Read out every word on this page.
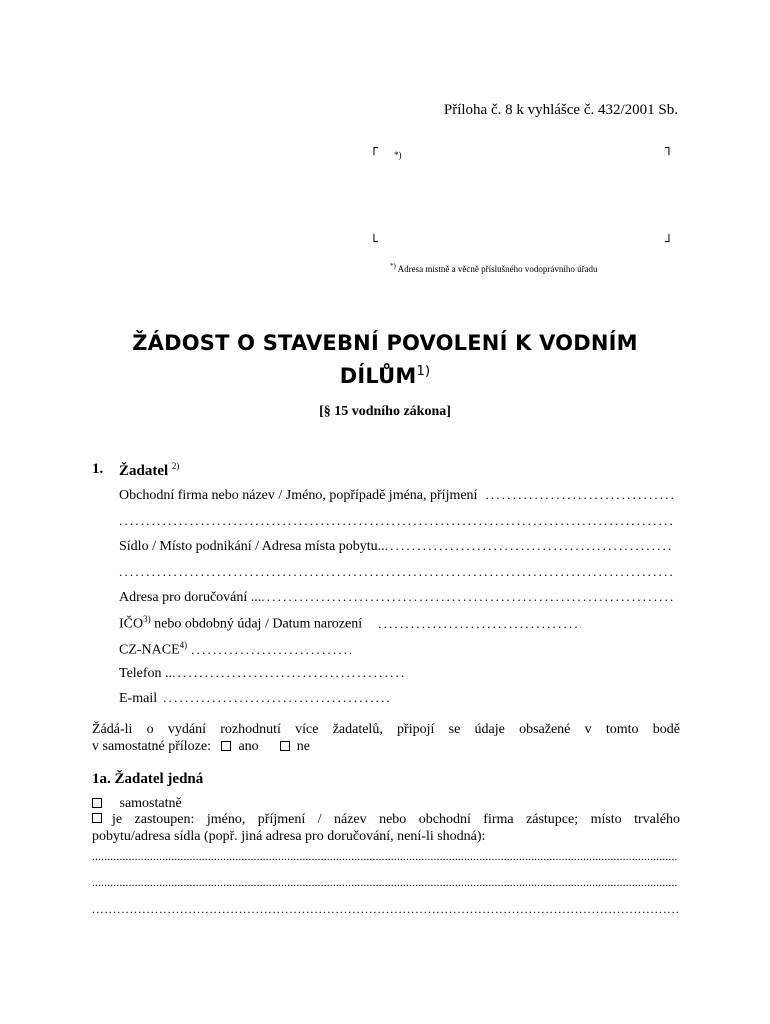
Příloha č. 8 k vyhlášce č. 432/2001 Sb.
┌	┐
└	┘
*)
*) Adresa místně a věcně příslušného vodoprávního úřadu
ŽÁDOST O STAVEBNÍ POVOLENÍ K VODNÍM
DÍLŮM$^{1)}$
[§ 15 vodního zákona]
1. Žadatel $^{2)}$
Obchodní firma nebo název / Jméno, popřípadě jména, příjmení
.....
.....
Sídlo / Místo podnikání / Adresa místa pobytu..
.....
.....
Adresa pro doručování ...
.....
IČO$^{3)}$ nebo obdobný údaj / Datum narození
.....
CZ-NACE$^{4)}$
.....
Telefon ..
.....
E-mail
.....
Žádá-li o vydání rozhodnutí více žadatelů, připojí se údaje obsažené v tomto bodě
v samostatné příloze: ano	ne
1a. Žadatel jedná
samostatně
je zastoupen: jméno, příjmení / název nebo obchodní firma zástupce; místo trvalého
pobytu/adresa sídla (popř. jiná adresa pro doručování, není-li shodná):
.....
.....
.....
